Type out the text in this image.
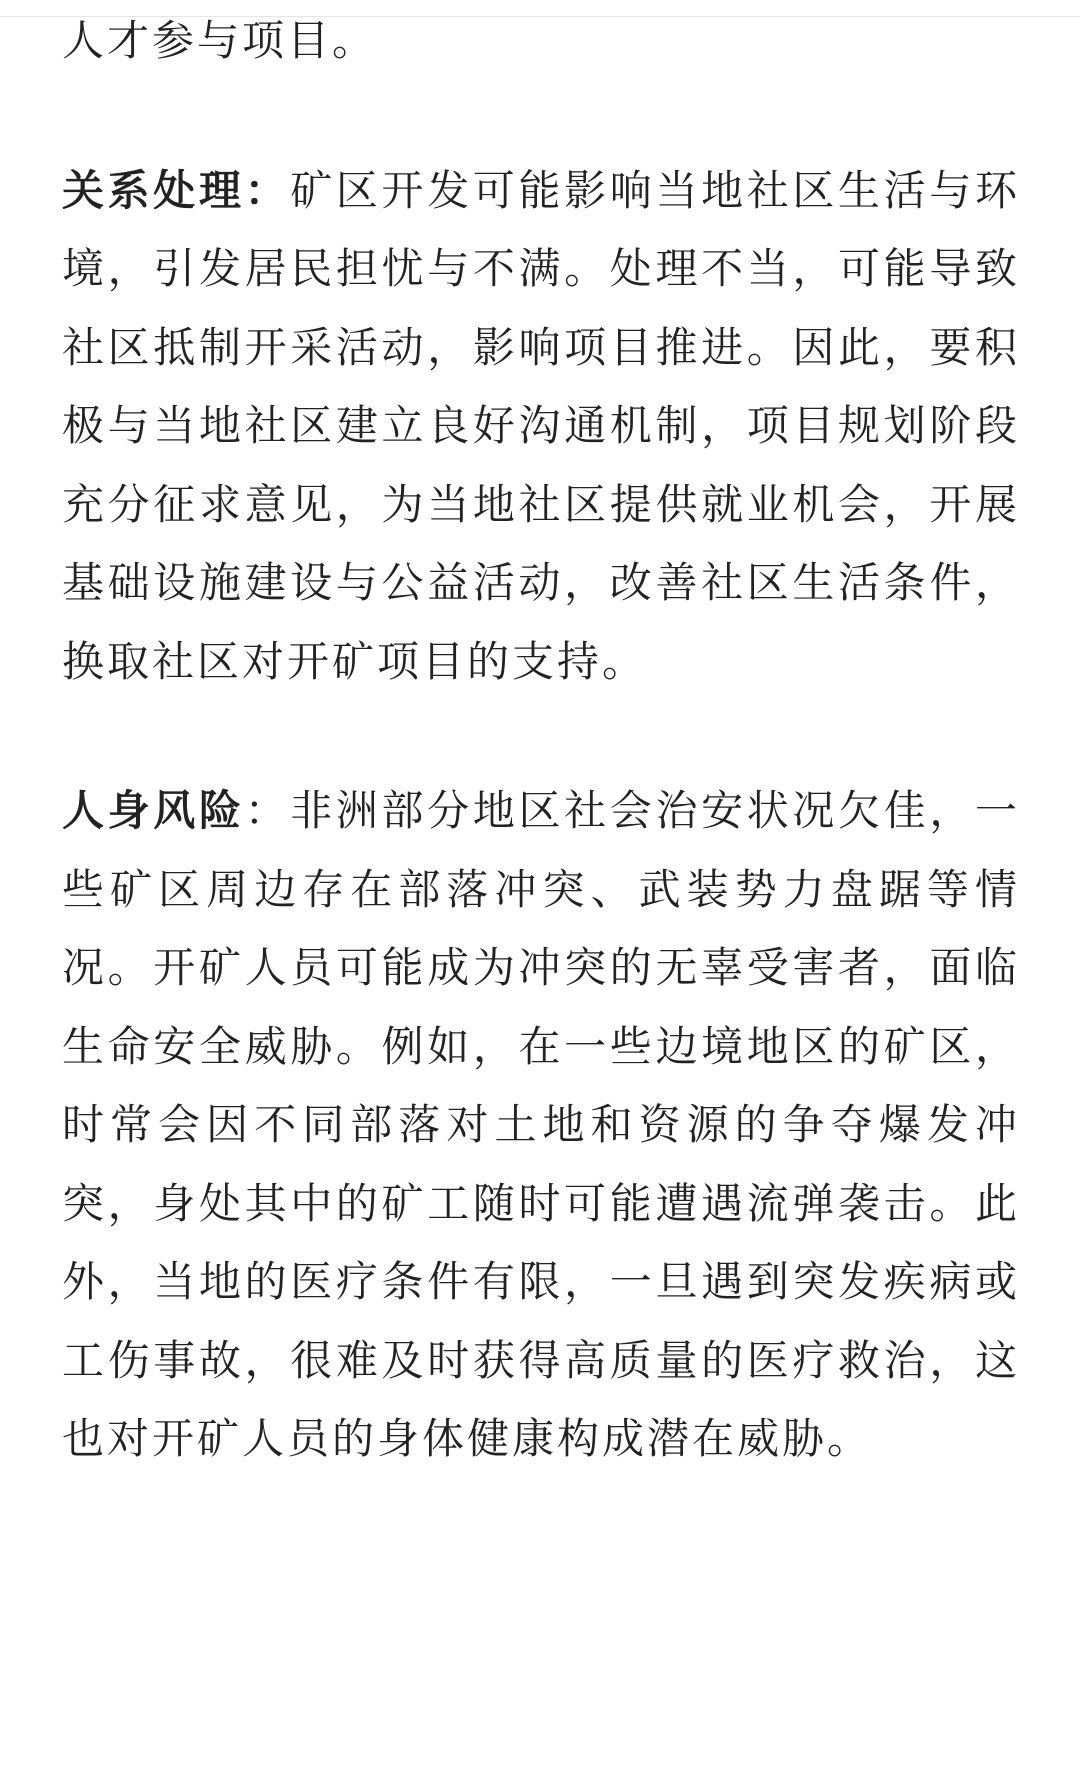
人才参与项目。

关系处理：矿区开发可能影响当地社区生活与环境，引发居民担忧与不满。处理不当，可能导致社区抵制开采活动，影响项目推进。因此，要积极与当地社区建立良好沟通机制，项目规划阶段充分征求意见，为当地社区提供就业机会，开展基础设施建设与公益活动，改善社区生活条件，换取社区对开矿项目的支持。

人身风险：非洲部分地区社会治安状况欠佳，一些矿区周边存在部落冲突、武装势力盘踞等情况。开矿人员可能成为冲突的无辜受害者，面临生命安全威胁。例如，在一些边境地区的矿区，时常会因不同部落对土地和资源的争夺爆发冲突，身处其中的矿工随时可能遭遇流弹袭击。此外，当地的医疗条件有限，一旦遇到突发疾病或工伤事故，很难及时获得高质量的医疗救治，这也对开矿人员的身体健康构成潜在威胁。
